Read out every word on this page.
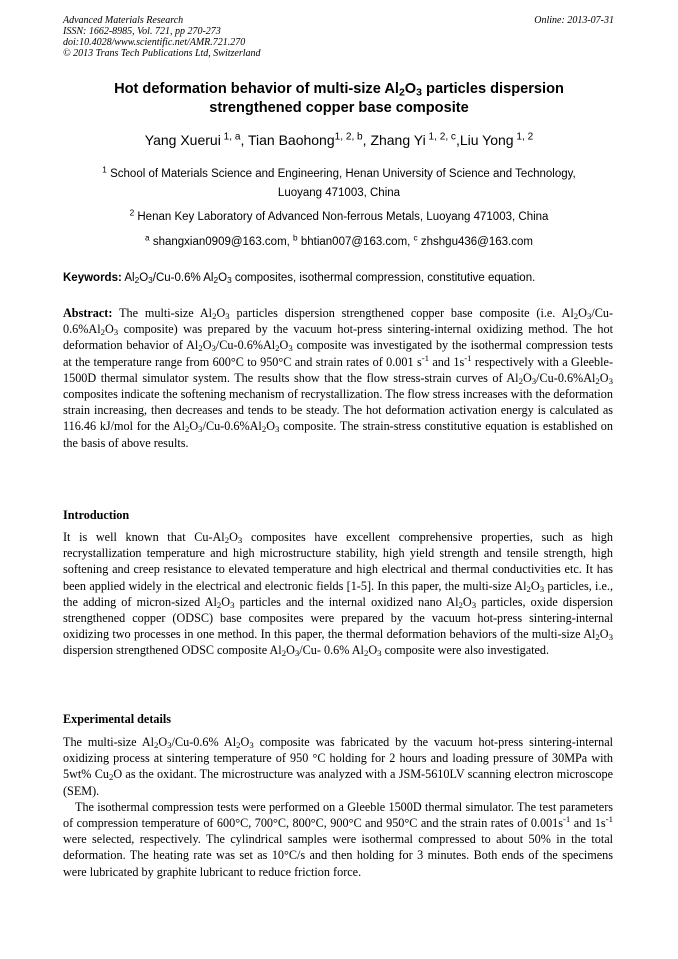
Advanced Materials Research
ISSN: 1662-8985, Vol. 721, pp 270-273
doi:10.4028/www.scientific.net/AMR.721.270
© 2013 Trans Tech Publications Ltd, Switzerland
Online: 2013-07-31
Hot deformation behavior of multi-size $Al_2O_3$ particles dispersion
strengthened copper base composite
Yang Xuerui $^{1, a}$, Tian Baohong$^{1, 2, b}$, Zhang Yi $^{1, 2, c}$,Liu Yong $^{1, 2}$
$^1$ School of Materials Science and Engineering, Henan University of Science and Technology,
Luoyang 471003, China
$^2$ Henan Key Laboratory of Advanced Non-ferrous Metals, Luoyang 471003, China
$^a$ shangxian0909@163.com, $^b$ bhtian007@163.com, $^c$ zhshgu436@163.com
Keywords: $Al_2O_3/Cu-0.6\%$ $Al_2O_3$ composites, isothermal compression, constitutive equation.

Abstract: The multi-size $Al_2O_3$ particles dispersion strengthened copper base composite (i.e. $Al_2O_3/Cu-0.6\%Al_2O_3$ composite) was prepared by the vacuum hot-press sintering-internal oxidizing method. The hot deformation behavior of $Al_2O_3/Cu-0.6\%Al_2O_3$ composite was investigated by the isothermal compression tests at the temperature range from 600°C to 950°C and strain rates of 0.001 $s^{-1}$ and $1s^{-1}$ respectively with a Gleeble-1500D thermal simulator system. The results show that the flow stress-strain curves of $Al_2O_3/Cu-0.6\%Al_2O_3$ composites indicate the softening mechanism of recrystallization. The flow stress increases with the deformation strain increasing, then decreases and tends to be steady. The hot deformation activation energy is calculated as 116.46 kJ/mol for the $Al_2O_3/Cu-0.6\%Al_2O_3$ composite. The strain-stress constitutive equation is established on the basis of above results.

Introduction

It is well known that $Cu-Al_2O_3$ composites have excellent comprehensive properties, such as high recrystallization temperature and high microstructure stability, high yield strength and tensile strength, high softening and creep resistance to elevated temperature and high electrical and thermal conductivities etc. It has been applied widely in the electrical and electronic fields [1-5]. In this paper, the multi-size $Al_2O_3$ particles, i.e., the adding of micron-sized $Al_2O_3$ particles and the internal oxidized nano $Al_2O_3$ particles, oxide dispersion strengthened copper (ODSC) base composites were prepared by the vacuum hot-press sintering-internal oxidizing two processes in one method. In this paper, the thermal deformation behaviors of the multi-size $Al_2O_3$ dispersion strengthened ODSC composite $Al_2O_3/Cu-$ 0.6% $Al_2O_3$ composite were also investigated.

Experimental details

The multi-size $Al_2O_3/Cu-0.6\%$ $Al_2O_3$ composite was fabricated by the vacuum hot-press sintering-internal oxidizing process at sintering temperature of 950 °C holding for 2 hours and loading pressure of 30MPa with 5wt% $Cu_2O$ as the oxidant. The microstructure was analyzed with a JSM-5610LV scanning electron microscope (SEM).

The isothermal compression tests were performed on a Gleeble 1500D thermal simulator. The test parameters of compression temperature of 600°C, 700°C, 800°C, 900°C and 950°C and the strain rates of $0.001s^{-1}$ and $1s^{-1}$ were selected, respectively. The cylindrical samples were isothermal compressed to about 50% in the total deformation. The heating rate was set as 10°C/s and then holding for 3 minutes. Both ends of the specimens were lubricated by graphite lubricant to reduce friction force.
